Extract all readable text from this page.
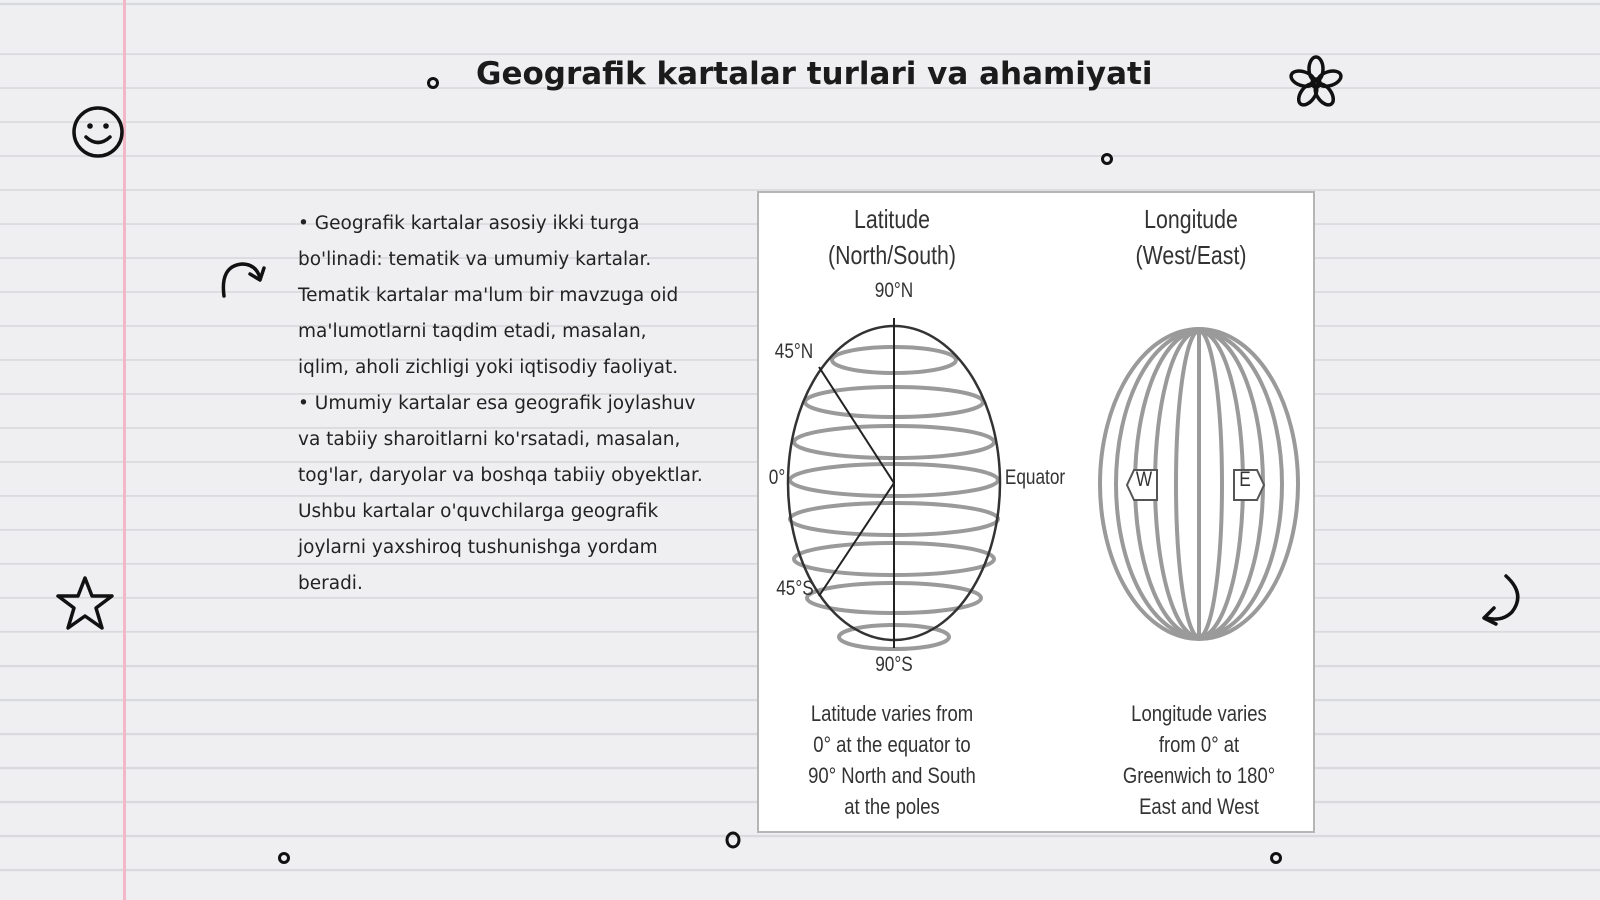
Geografik kartalar turlari va ahamiyati

• Geografik kartalar asosiy ikki turga bo'linadi: tematik va umumiy kartalar. Tematik kartalar ma'lum bir mavzuga oid ma'lumotlarni taqdim etadi, masalan, iqlim, aholi zichligi yoki iqtisodiy faoliyat.

• Umumiy kartalar esa geografik joylashuv va tabiiy sharoitlarni ko'rsatadi, masalan, tog'lar, daryolar va boshqa tabiiy obyektlar. Ushbu kartalar o'quvchilarga geografik joylarni yaxshiroq tushunishga yordam beradi.

Latitude
(North/South)
Longitude
(West/East)
90°N
45°N
0°
45°S
90°S
Equator	W	E
Latitude varies from 0° at the equator to 90° North and South at the poles
Longitude varies from 0° at Greenwich to 180° East and West
